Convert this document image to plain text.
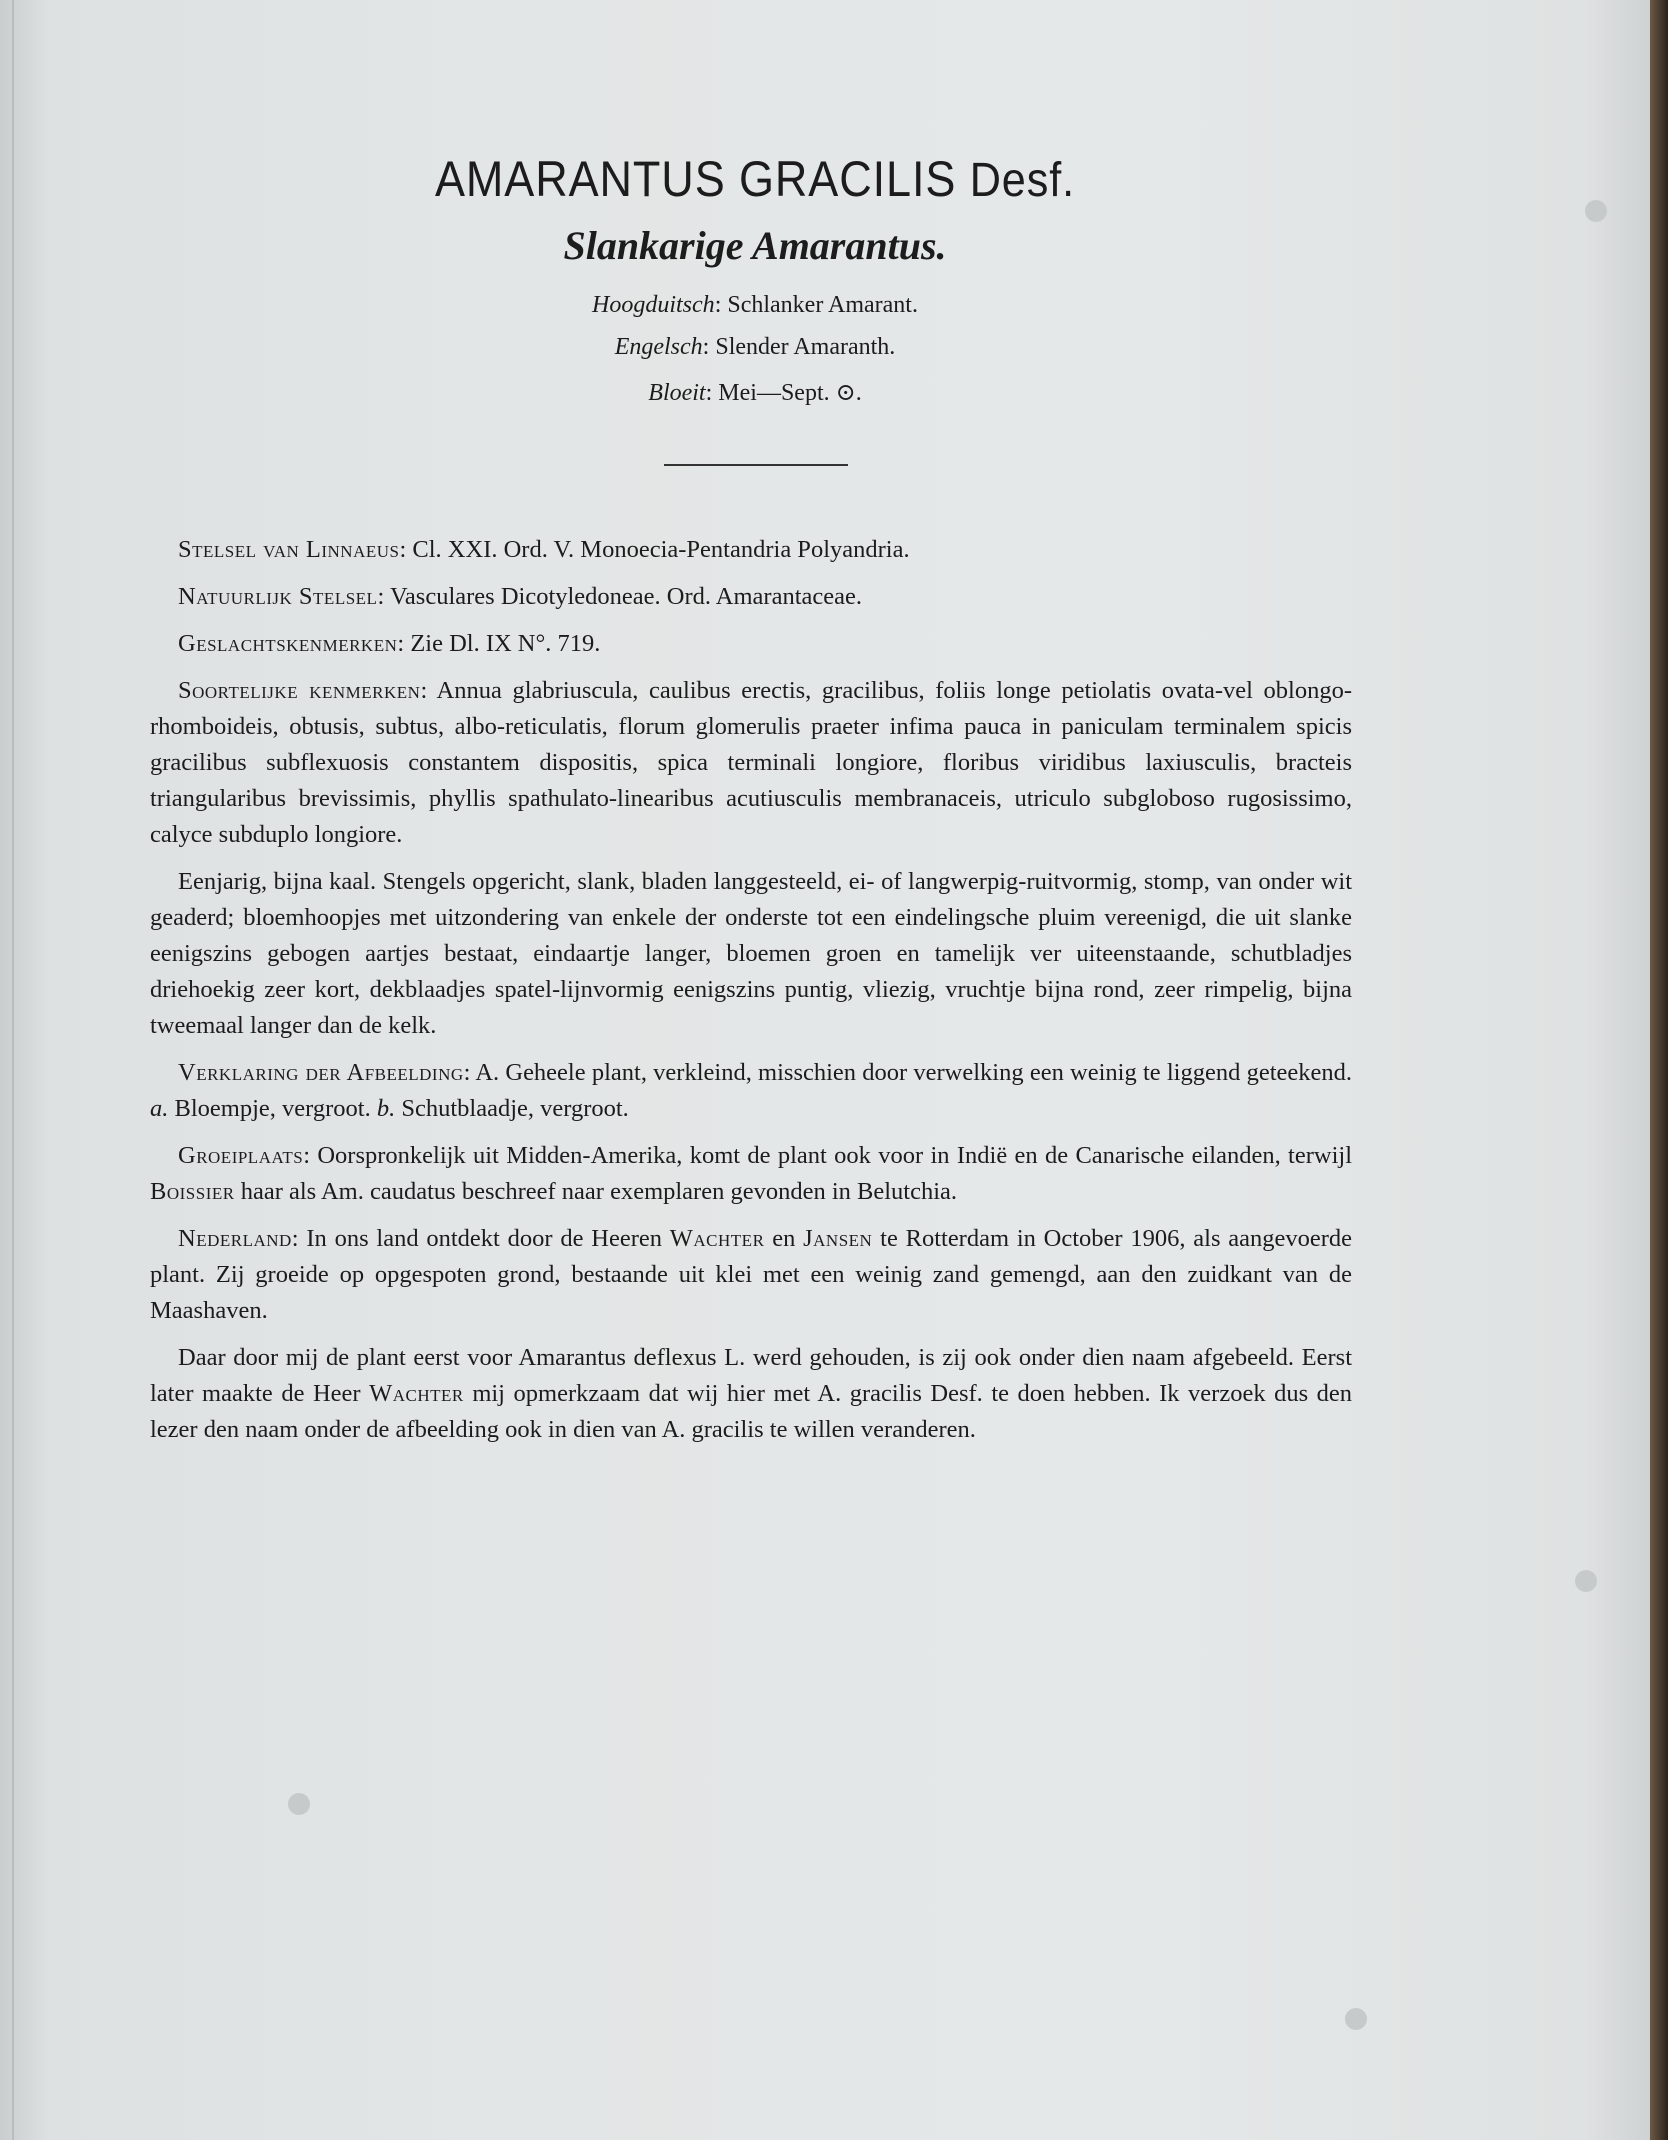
AMARANTUS GRACILIS Desf.
Slankarige Amarantus.
Hoogduitsch: Schlanker Amarant.
Engelsch: Slender Amaranth.
Bloeit: Mei—Sept. ⊙.

Stelsel van Linnaeus: Cl. XXI. Ord. V. Monoecia-Pentandria Polyandria.

Natuurlijk Stelsel: Vasculares Dicotyledoneae. Ord. Amarantaceae.

Geslachtskenmerken: Zie Dl. IX N°. 719.

Soortelijke kenmerken: Annua glabriuscula, caulibus erectis, gracilibus, foliis longe petiolatis ovata-vel oblongo-rhomboideis, obtusis, subtus, albo-reticulatis, florum glomerulis praeter infima pauca in paniculam terminalem spicis gracilibus subflexuosis constantem dispositis, spica terminali longiore, floribus viridibus laxiusculis, bracteis triangularibus brevissimis, phyllis spathulato-linearibus acutiusculis membranaceis, utriculo subgloboso rugosissimo, calyce subduplo longiore.

Eenjarig, bijna kaal. Stengels opgericht, slank, bladen langgesteeld, ei- of langwerpig-ruitvormig, stomp, van onder wit geaderd; bloemhoopjes met uitzondering van enkele der onderste tot een eindelingsche pluim vereenigd, die uit slanke eenigszins gebogen aartjes bestaat, eindaartje langer, bloemen groen en tamelijk ver uiteenstaande, schutbladjes driehoekig zeer kort, dekblaadjes spatel-lijnvormig eenigszins puntig, vliezig, vruchtje bijna rond, zeer rimpelig, bijna tweemaal langer dan de kelk.

Verklaring der Afbeelding: A. Geheele plant, verkleind, misschien door verwelking een weinig te liggend geteekend. a. Bloempje, vergroot. b. Schutblaadje, vergroot.

Groeiplaats: Oorspronkelijk uit Midden-Amerika, komt de plant ook voor in Indië en de Canarische eilanden, terwijl Boissier haar als Am. caudatus beschreef naar exemplaren gevonden in Belutchia.

Nederland: In ons land ontdekt door de Heeren Wachter en Jansen te Rotterdam in October 1906, als aangevoerde plant. Zij groeide op opgespoten grond, bestaande uit klei met een weinig zand gemengd, aan den zuidkant van de Maashaven.

Daar door mij de plant eerst voor Amarantus deflexus L. werd gehouden, is zij ook onder dien naam afgebeeld. Eerst later maakte de Heer Wachter mij opmerkzaam dat wij hier met A. gracilis Desf. te doen hebben. Ik verzoek dus den lezer den naam onder de afbeelding ook in dien van A. gracilis te willen veranderen.
